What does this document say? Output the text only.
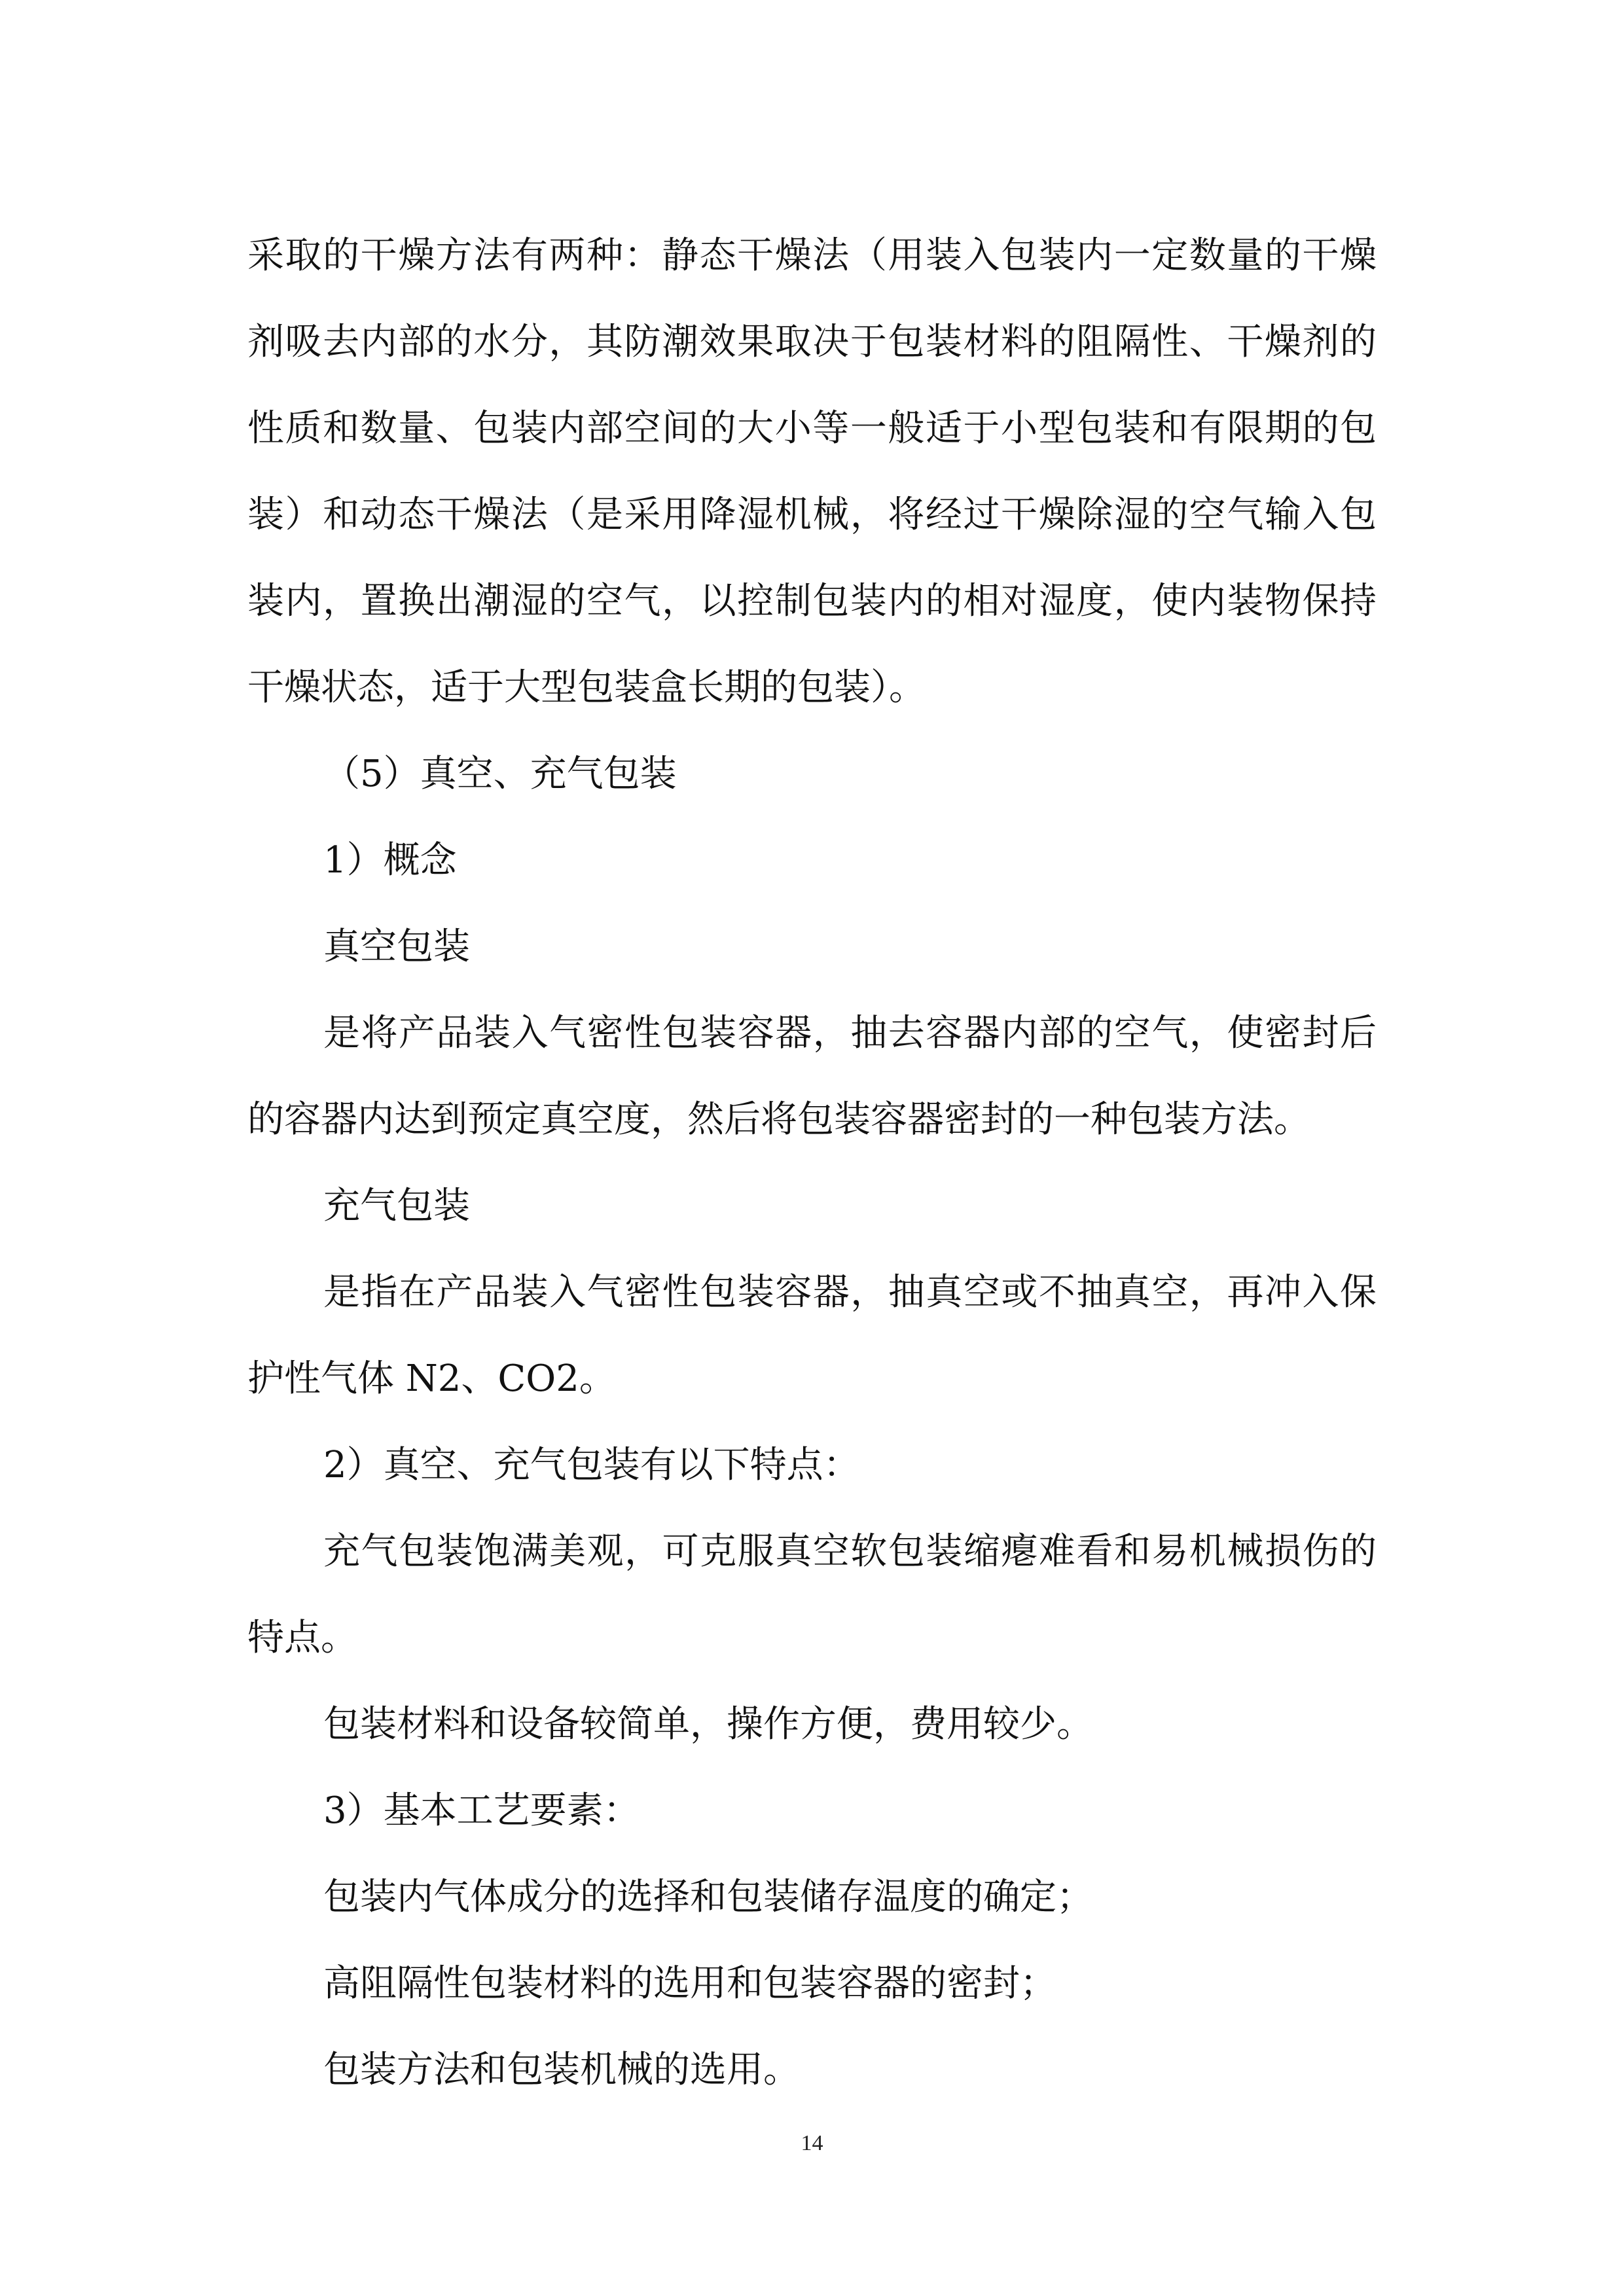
采取的干燥方法有两种：静态干燥法（用装入包装内一定数量的干燥剂吸去内部的水分，其防潮效果取决于包装材料的阻隔性、干燥剂的性质和数量、包装内部空间的大小等一般适于小型包装和有限期的包装）和动态干燥法（是采用降湿机械，将经过干燥除湿的空气输入包装内，置换出潮湿的空气，以控制包装内的相对湿度，使内装物保持干燥状态，适于大型包装盒长期的包装）。

（5）真空、充气包装

1）概念

真空包装

是将产品装入气密性包装容器，抽去容器内部的空气，使密封后的容器内达到预定真空度，然后将包装容器密封的一种包装方法。

充气包装

是指在产品装入气密性包装容器，抽真空或不抽真空，再冲入保护性气体 N2、CO2。

2）真空、充气包装有以下特点：

充气包装饱满美观，可克服真空软包装缩瘪难看和易机械损伤的特点。

包装材料和设备较简单，操作方便，费用较少。

3）基本工艺要素：

包装内气体成分的选择和包装储存温度的确定；

高阻隔性包装材料的选用和包装容器的密封；

包装方法和包装机械的选用。

14
